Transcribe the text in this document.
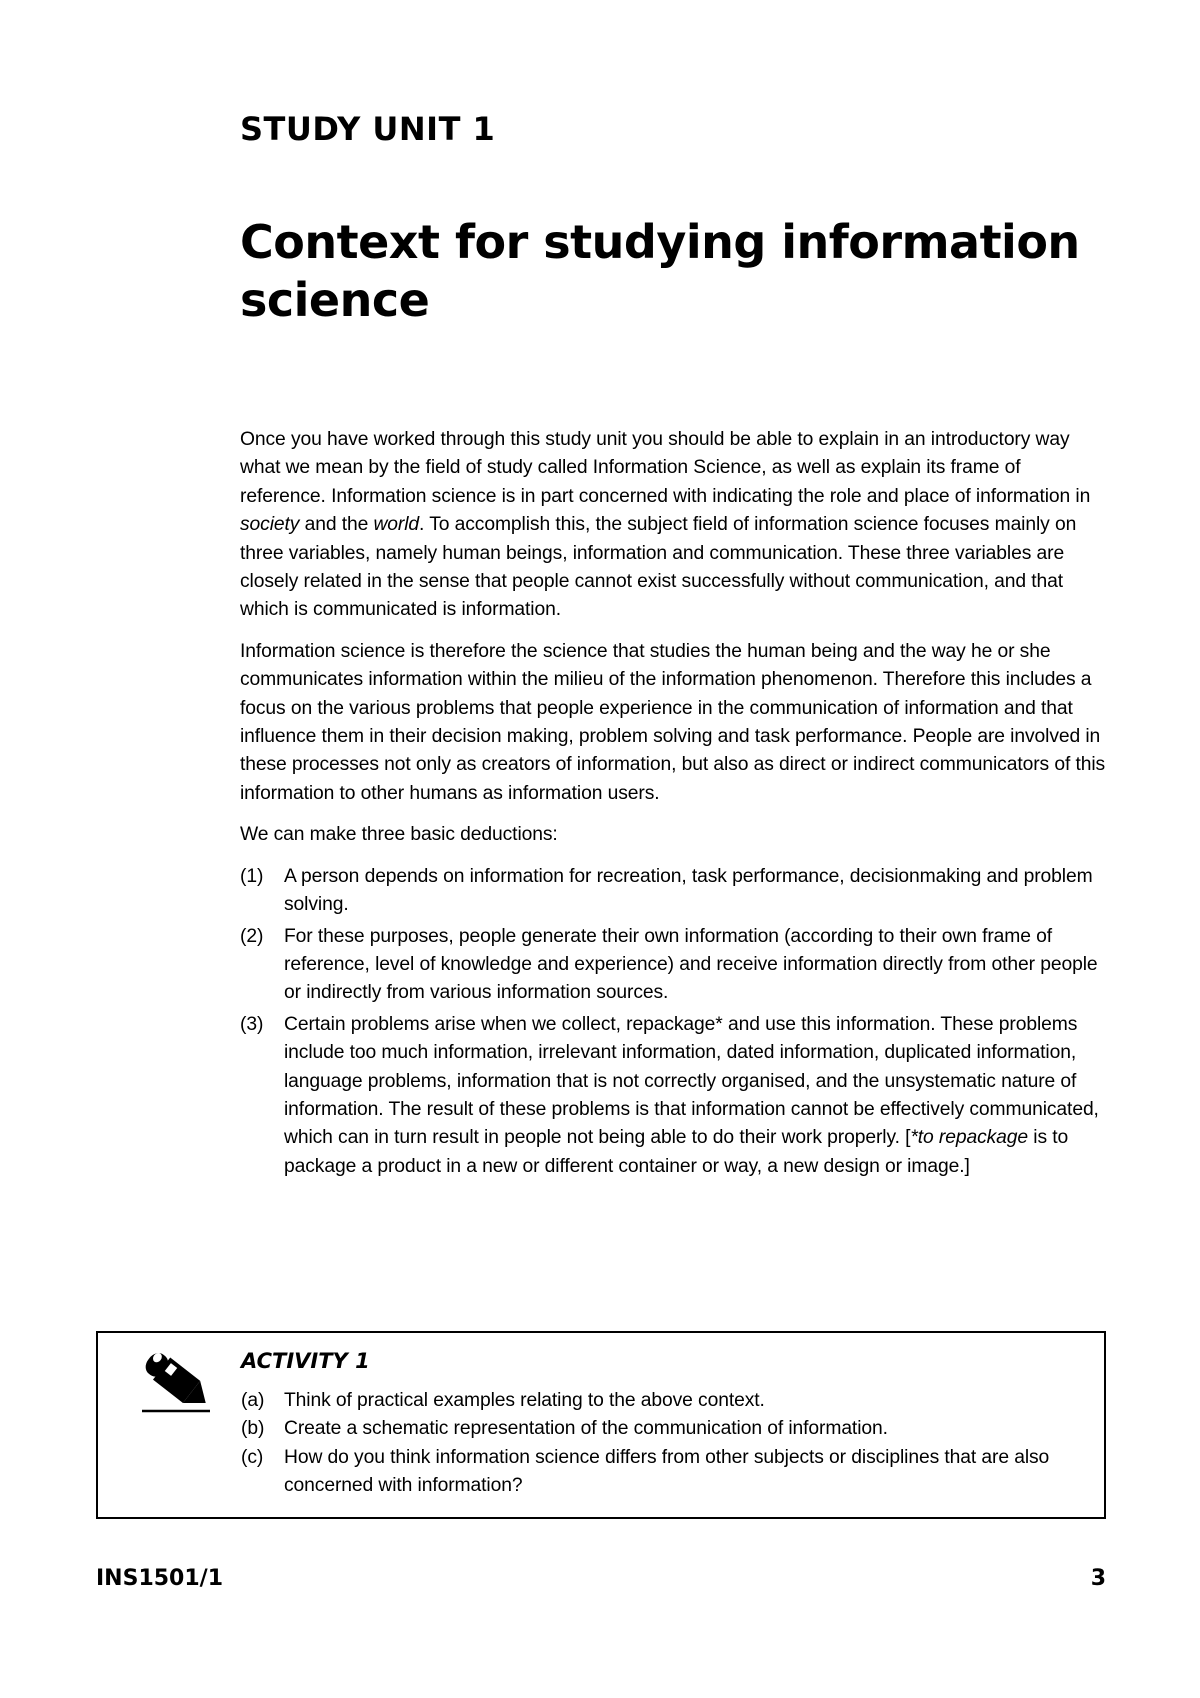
STUDY UNIT 1
Context for studying information science

Once you have worked through this study unit you should be able to explain in an introductory way what we mean by the field of study called Information Science, as well as explain its frame of reference. Information science is in part concerned with indicating the role and place of information in society and the world. To accomplish this, the subject field of information science focuses mainly on three variables, namely human beings, information and communication. These three variables are closely related in the sense that people cannot exist successfully without communication, and that which is communicated is information.

Information science is therefore the science that studies the human being and the way he or she communicates information within the milieu of the information phenomenon. Therefore this includes a focus on the various problems that people experience in the communication of information and that influence them in their decision making, problem solving and task performance. People are involved in these processes not only as creators of information, but also as direct or indirect communicators of this information to other humans as information users.

We can make three basic deductions:

(1) A person depends on information for recreation, task performance, decisionmaking and problem solving.
(2) For these purposes, people generate their own information (according to their own frame of reference, level of knowledge and experience) and receive information directly from other people or indirectly from various information sources.
(3) Certain problems arise when we collect, repackage* and use this information. These problems include too much information, irrelevant information, dated information, duplicated information, language problems, information that is not correctly organised, and the unsystematic nature of information. The result of these problems is that information cannot be effectively communicated, which can in turn result in people not being able to do their work properly. [*to repackage is to package a product in a new or different container or way, a new design or image.]
ACTIVITY 1
(a) Think of practical examples relating to the above context.
(b) Create a schematic representation of the communication of information.
(c) How do you think information science differs from other subjects or disciplines that are also concerned with information?
INS1501/1	3
